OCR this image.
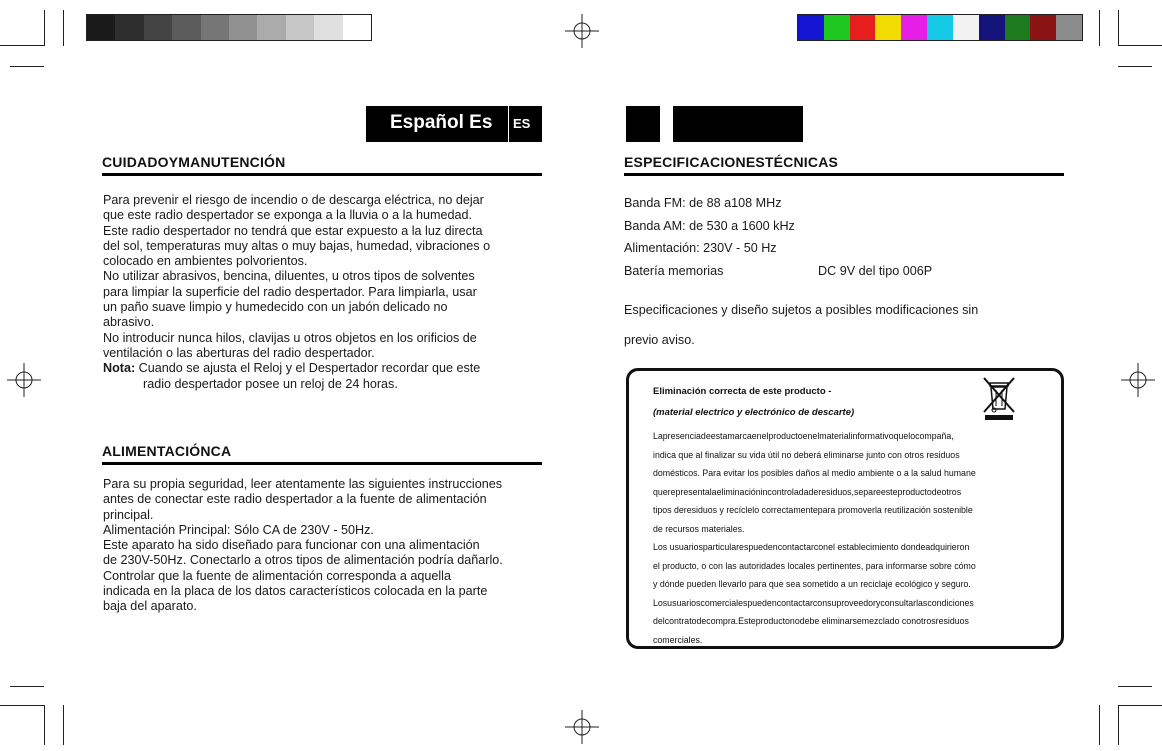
Español Es	ES
CUIDADOYMANUTENCIÓN
Para prevenir el riesgo de incendio o de descarga eléctrica, no dejar
que este radio despertador se exponga a la lluvia o a la humedad.
Este radio despertador no tendrá que estar expuesto a la luz directa
del sol, temperaturas muy altas o muy bajas, humedad, vibraciones o
colocado en ambientes polvorientos.
No utilizar abrasivos, bencina, diluentes, u otros tipos de solventes
para limpiar la superficie del radio despertador. Para limpiarla, usar
un paño suave limpio y humedecido con un jabón delicado no
abrasivo.
No introducir nunca hilos, clavijas u otros objetos en los orificios de
ventilación o las aberturas del radio despertador.
Nota: Cuando se ajusta el Reloj y el Despertador recordar que este
radio despertador posee un reloj de 24 horas.
ALIMENTACIÓNCA
Para su propia seguridad, leer atentamente las siguientes instrucciones
antes de conectar este radio despertador a la fuente de alimentación
principal.
Alimentación Principal: Sólo CA de 230V - 50Hz.
Este aparato ha sido diseñado para funcionar con una alimentación
de 230V-50Hz. Conectarlo a otros tipos de alimentación podría dañarlo.
Controlar que la fuente de alimentación corresponda a aquella
indicada en la placa de los datos característicos colocada en la parte
baja del aparato.
ESPECIFICACIONESTÉCNICAS
Banda FM: de 88 a108 MHz
Banda AM: de 530 a 1600 kHz
Alimentación: 230V - 50 Hz
Batería memorias	DC 9V del tipo 006P
Especificaciones y diseño sujetos a posibles modificaciones sin
previo aviso.
Eliminación correcta de este producto -
(material electrico y electrónico de descarte)
Lapresenciadeestamarcaenelproductoenelmaterialinformativoquelocompaña,
indica que al finalizar su vida útil no deberá eliminarse junto con otros residuos
domésticos. Para evitar los posibles daños al medio ambiente o a la salud humane
querepresentalaeliminaciónincontroladaderesiduos,separeesteproductodeotros
tipos deresiduos y recíclelo correctamentepara promoverla reutilización sostenible
de recursos materiales.
Los usuariosparticularespuedencontactarconel establecimiento dondeadquirieron
el producto, o con las autoridades locales pertinentes, para informarse sobre cómo
y dónde pueden llevarlo para que sea sometido a un reciclaje ecológico y seguro.
Losusuarioscomercialespuedencontactarconsuproveedoryconsultarlascondiciones
delcontratodecompra.Esteproductonodebe eliminarsemezclado conotrosresiduos
comerciales.
